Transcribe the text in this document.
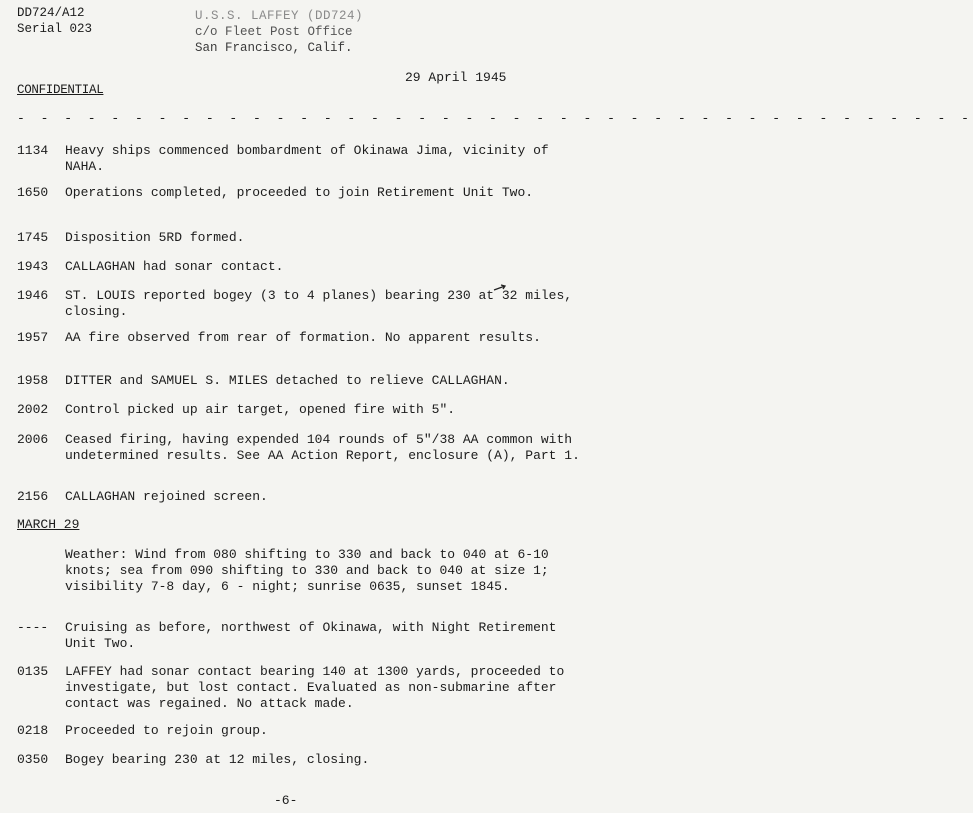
DD724/A12
Serial 023
U.S.S. LAFFEY (DD724)
c/o Fleet Post Office
San Francisco, Calif.
29 April 1945
CONFIDENTIAL
- - - - - - - - - - - - - - - - - - - - - - - - - - - - - - - - - - - - - - - - -
1134	Heavy ships commenced bombardment of Okinawa Jima, vicinity of NAHA.
1650	Operations completed, proceeded to join Retirement Unit Two.
1745	Disposition 5RD formed.
1943	CALLAGHAN had sonar contact.
1946	ST. LOUIS reported bogey (3 to 4 planes) bearing 230 at 32 miles, closing.
1957	AA fire observed from rear of formation. No apparent results.
1958	DITTER and SAMUEL S. MILES detached to relieve CALLAGHAN.
2002	Control picked up air target, opened fire with 5".
2006	Ceased firing, having expended 104 rounds of 5"/38 AA common with undetermined results. See AA Action Report, enclosure (A), Part 1.
2156	CALLAGHAN rejoined screen.
MARCH 29
Weather: Wind from 080 shifting to 330 and back to 040 at 6-10 knots; sea from 090 shifting to 330 and back to 040 at size 1; visibility 7-8 day, 6 - night; sunrise 0635, sunset 1845.
----	Cruising as before, northwest of Okinawa, with Night Retirement Unit Two.
0135	LAFFEY had sonar contact bearing 140 at 1300 yards, proceeded to investigate, but lost contact. Evaluated as non-submarine after contact was regained. No attack made.
0218	Proceeded to rejoin group.
0350	Bogey bearing 230 at 12 miles, closing.
-6-
